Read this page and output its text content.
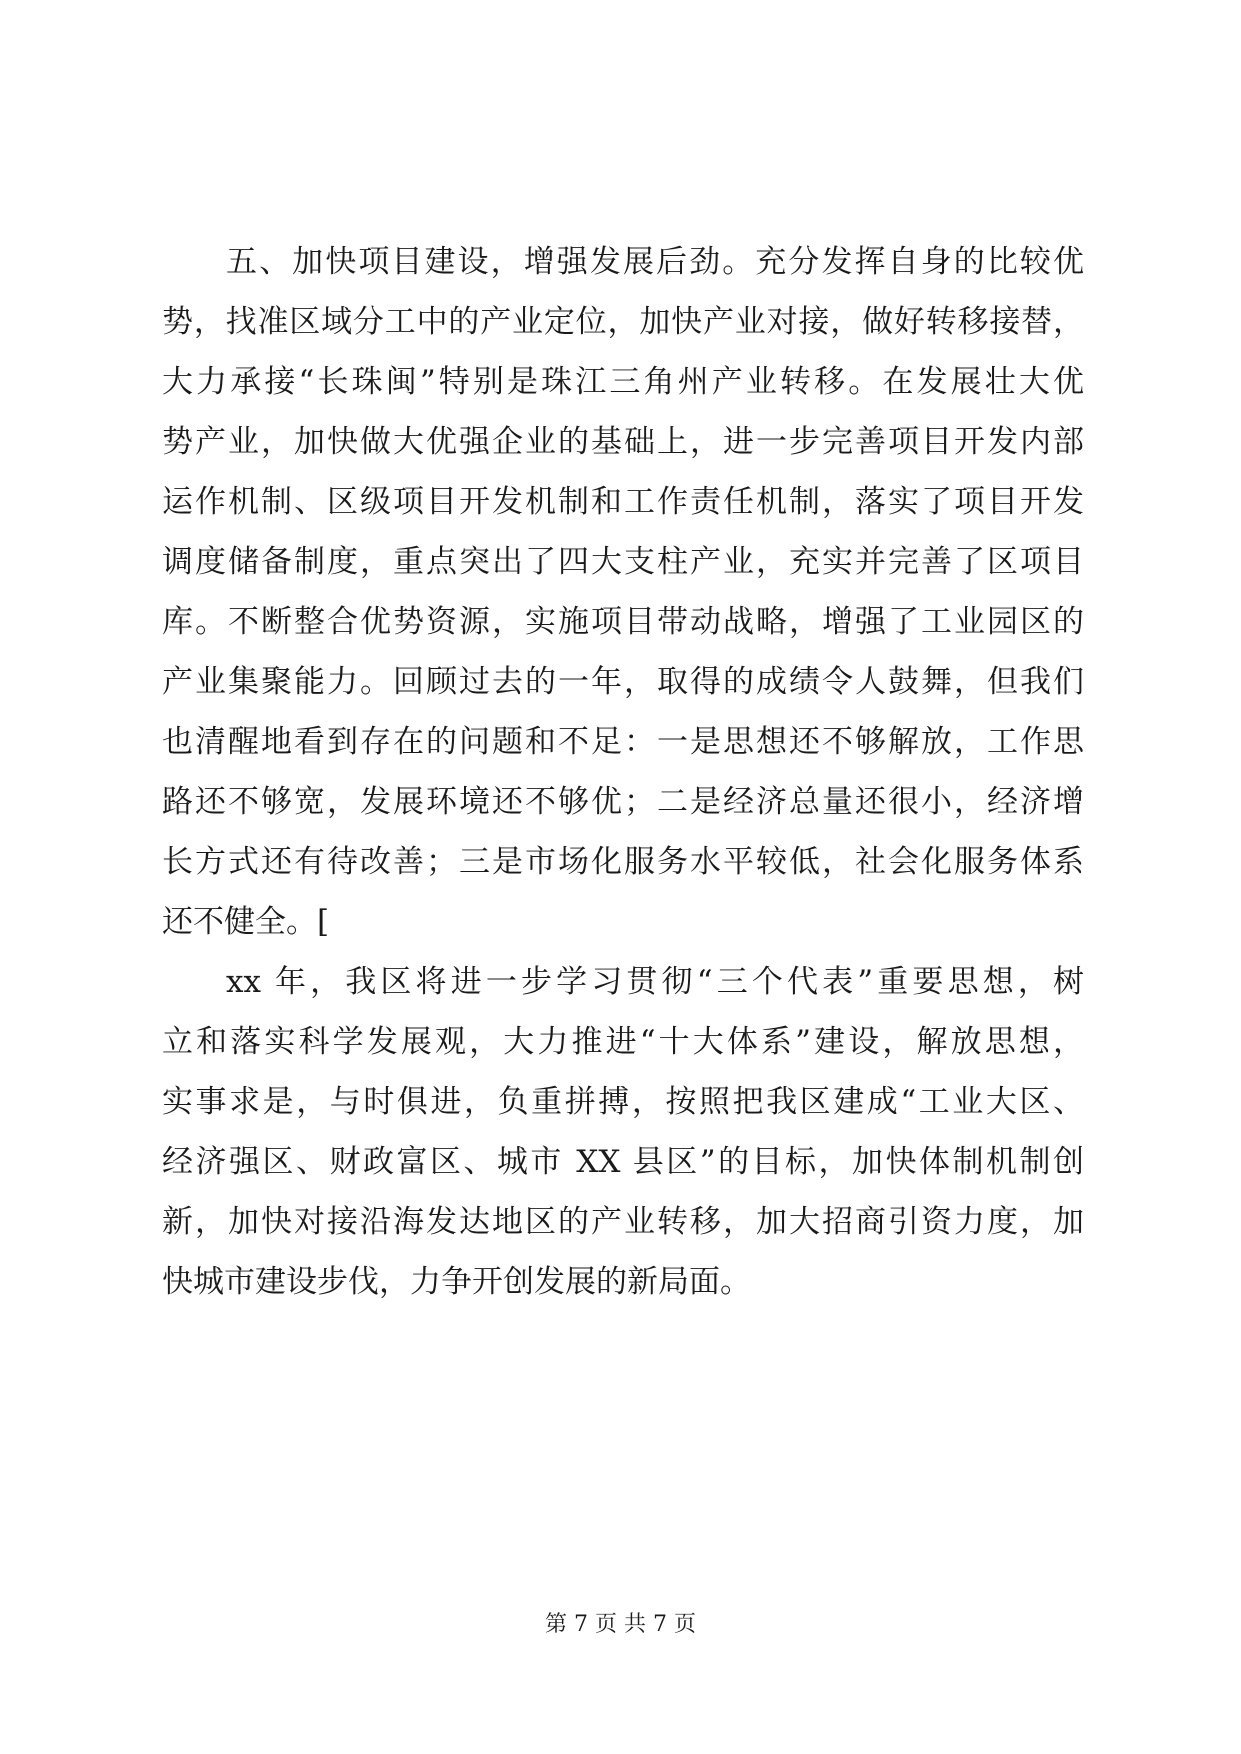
五、加快项目建设，增强发展后劲。充分发挥自身的比较优
势，找准区域分工中的产业定位，加快产业对接，做好转移接替，
大力承接“长珠闽”特别是珠江三角州产业转移。在发展壮大优
势产业，加快做大优强企业的基础上，进一步完善项目开发内部
运作机制、区级项目开发机制和工作责任机制，落实了项目开发
调度储备制度，重点突出了四大支柱产业，充实并完善了区项目
库。不断整合优势资源，实施项目带动战略，增强了工业园区的
产业集聚能力。回顾过去的一年，取得的成绩令人鼓舞，但我们
也清醒地看到存在的问题和不足：一是思想还不够解放，工作思
路还不够宽，发展环境还不够优；二是经济总量还很小，经济增
长方式还有待改善；三是市场化服务水平较低，社会化服务体系
还不健全。[
xx 年，我区将进一步学习贯彻“三个代表”重要思想，树
立和落实科学发展观，大力推进“十大体系”建设，解放思想，
实事求是，与时俱进，负重拼搏，按照把我区建成“工业大区、
经济强区、财政富区、城市 XX 县区”的目标，加快体制机制创
新，加快对接沿海发达地区的产业转移，加大招商引资力度，加
快城市建设步伐，力争开创发展的新局面。
第 7 页 共 7 页
